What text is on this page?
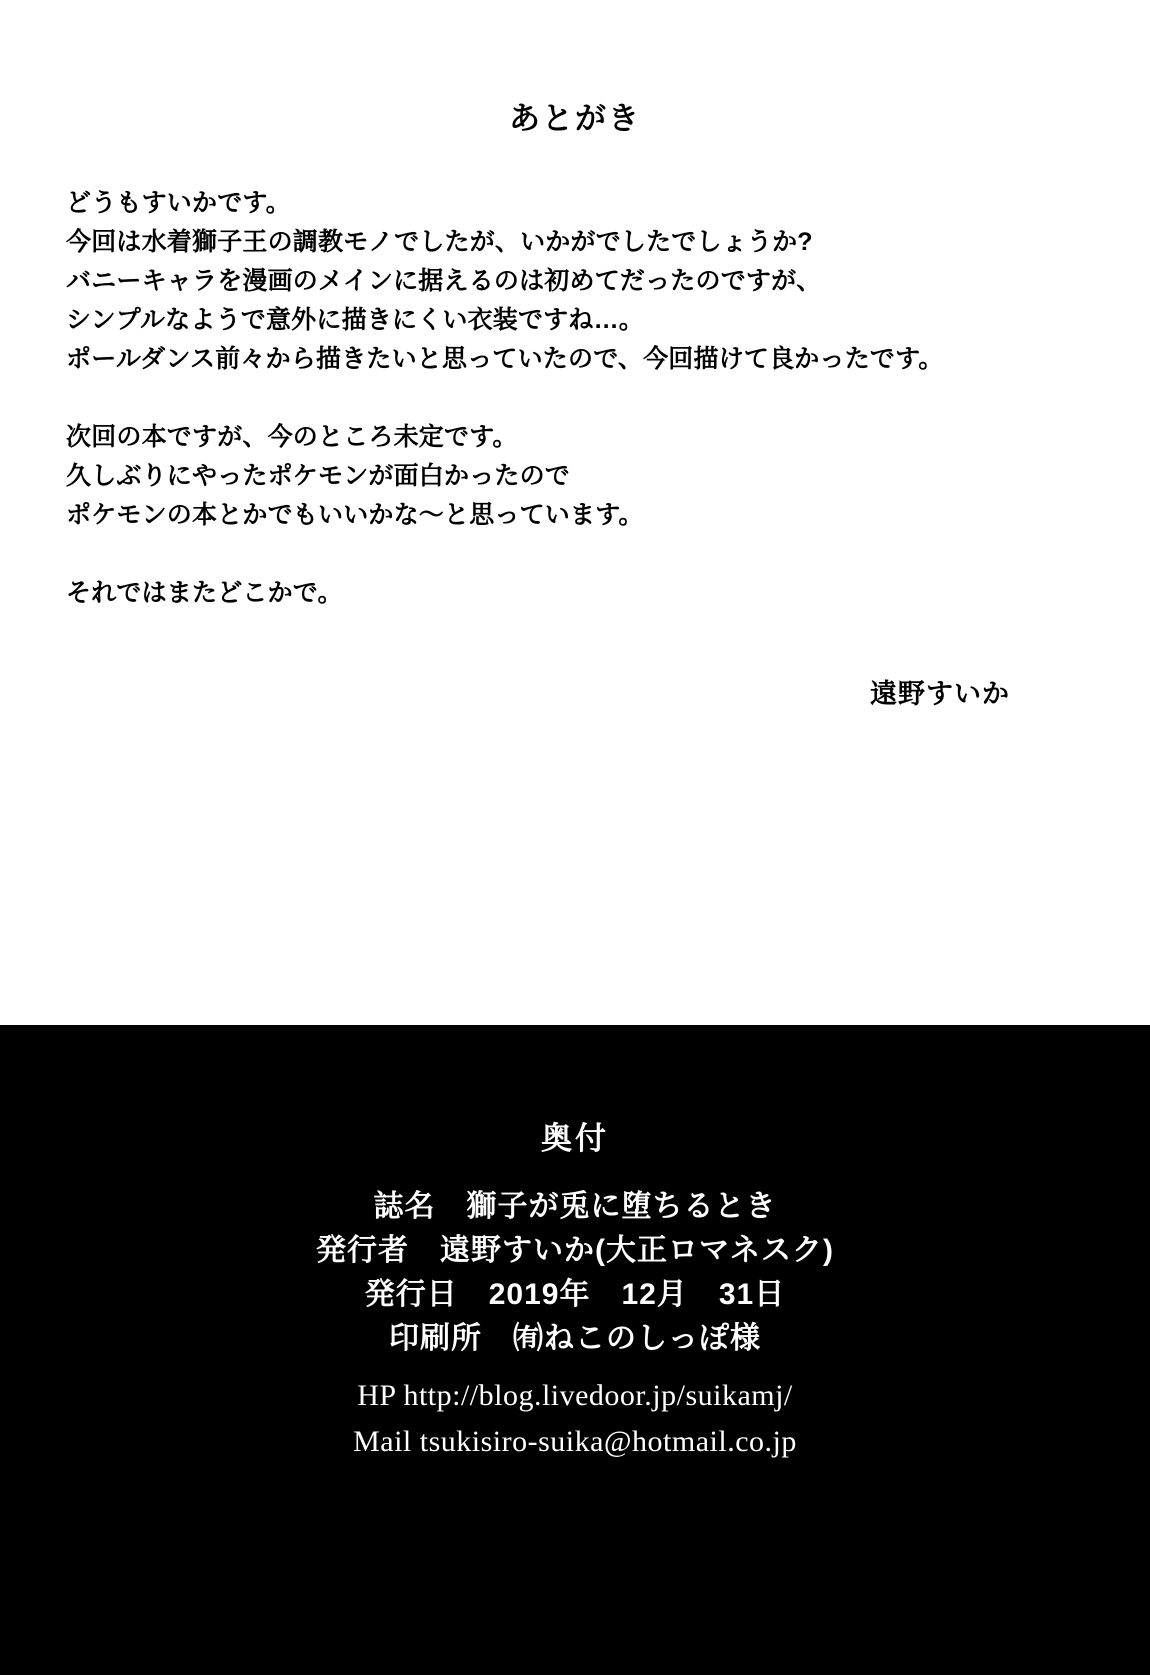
あとがき

どうもすいかです。

今回は水着獅子王の調教モノでしたが、いかがでしたでしょうか?

バニーキャラを漫画のメインに据えるのは初めてだったのですが、

シンプルなようで意外に描きにくい衣装ですね…。

ポールダンス前々から描きたいと思っていたので、今回描けて良かったです。

次回の本ですが、今のところ未定です。

久しぶりにやったポケモンが面白かったので

ポケモンの本とかでもいいかな～と思っています。

それではまたどこかで。

遠野すいか
奥付
誌名　獅子が兎に堕ちるとき
発行者　遠野すいか(大正ロマネスク)
発行日　2019年　12月　31日
印刷所　㈲ねこのしっぽ様
HP http://blog.livedoor.jp/suikamj/
Mail tsukisiro-suika@hotmail.co.jp
